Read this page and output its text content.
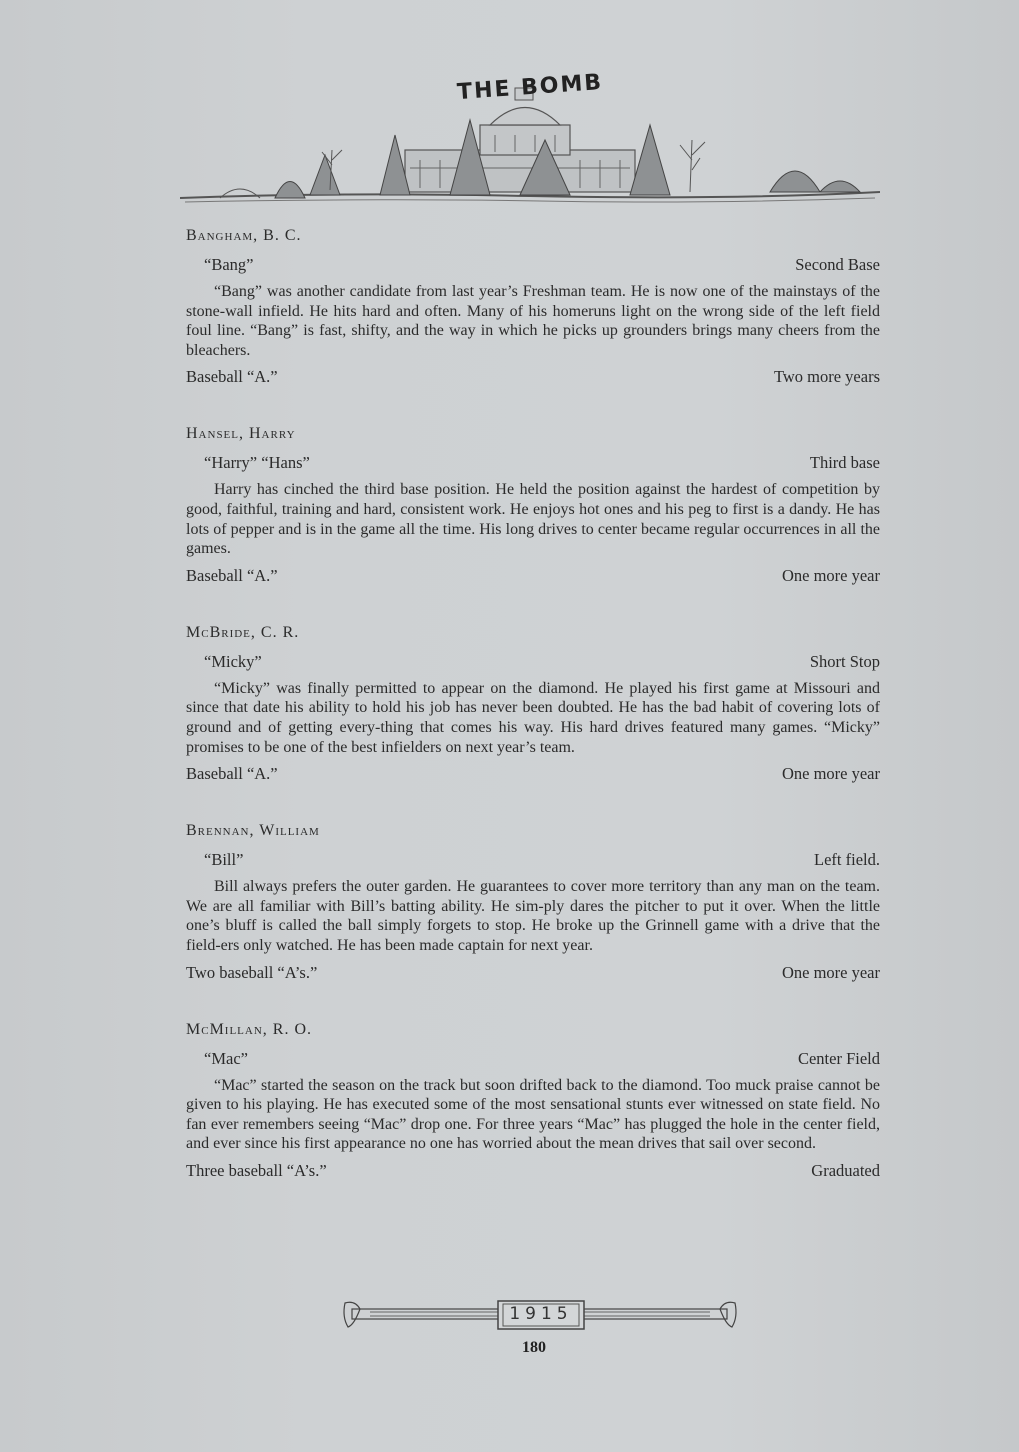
THE BOMB
Bangham, B. C.
“Bang”	Second Base

“Bang” was another candidate from last year’s Freshman team. He is now one of the mainstays of the stone-wall infield. He hits hard and often. Many of his homeruns light on the wrong side of the left field foul line. “Bang” is fast, shifty, and the way in which he picks up grounders brings many cheers from the bleachers.

Baseball “A.”	Two more years
Hansel, Harry
“Harry” “Hans”	Third base

Harry has cinched the third base position. He held the position against the hardest of competition by good, faithful, training and hard, consistent work. He enjoys hot ones and his peg to first is a dandy. He has lots of pepper and is in the game all the time. His long drives to center became regular occurrences in all the games.

Baseball “A.”	One more year
McBride, C. R.
“Micky”	Short Stop

“Micky” was finally permitted to appear on the diamond. He played his first game at Missouri and since that date his ability to hold his job has never been doubted. He has the bad habit of covering lots of ground and of getting every-thing that comes his way. His hard drives featured many games. “Micky” promises to be one of the best infielders on next year’s team.

Baseball “A.”	One more year
Brennan, William
“Bill”	Left field.

Bill always prefers the outer garden. He guarantees to cover more territory than any man on the team. We are all familiar with Bill’s batting ability. He sim-ply dares the pitcher to put it over. When the little one’s bluff is called the ball simply forgets to stop. He broke up the Grinnell game with a drive that the field-ers only watched. He has been made captain for next year.

Two baseball “A’s.”	One more year
McMillan, R. O.
“Mac”	Center Field

“Mac” started the season on the track but soon drifted back to the diamond. Too muck praise cannot be given to his playing. He has executed some of the most sensational stunts ever witnessed on state field. No fan ever remembers seeing “Mac” drop one. For three years “Mac” has plugged the hole in the center field, and ever since his first appearance no one has worried about the mean drives that sail over second.

Three baseball “A’s.”	Graduated
1915
180
